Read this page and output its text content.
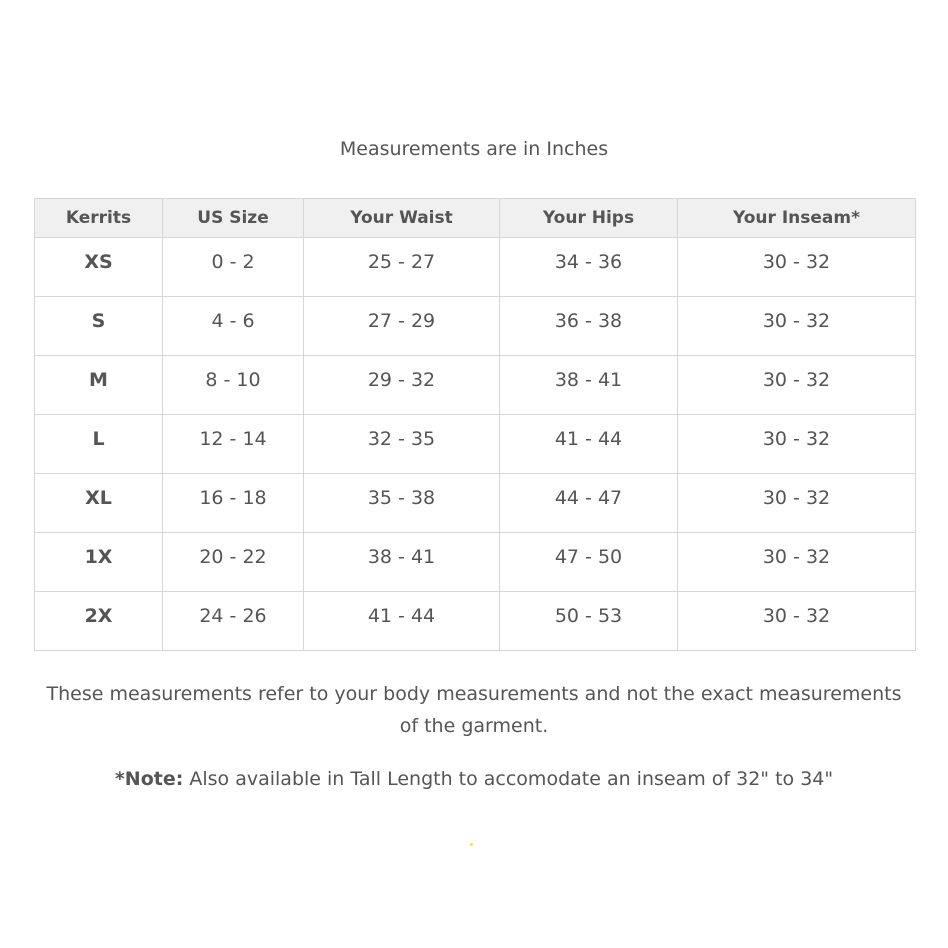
Measurements are in Inches
Kerrits	US Size	Your Waist	Your Hips	Your Inseam*
XS	0 - 2	25 - 27	34 - 36	30 - 32
S	4 - 6	27 - 29	36 - 38	30 - 32
M	8 - 10	29 - 32	38 - 41	30 - 32
L	12 - 14	32 - 35	41 - 44	30 - 32
XL	16 - 18	35 - 38	44 - 47	30 - 32
1X	20 - 22	38 - 41	47 - 50	30 - 32
2X	24 - 26	41 - 44	50 - 53	30 - 32
These measurements refer to your body measurements and not the exact measurements of the garment.
*Note: Also available in Tall Length to accomodate an inseam of 32" to 34"
